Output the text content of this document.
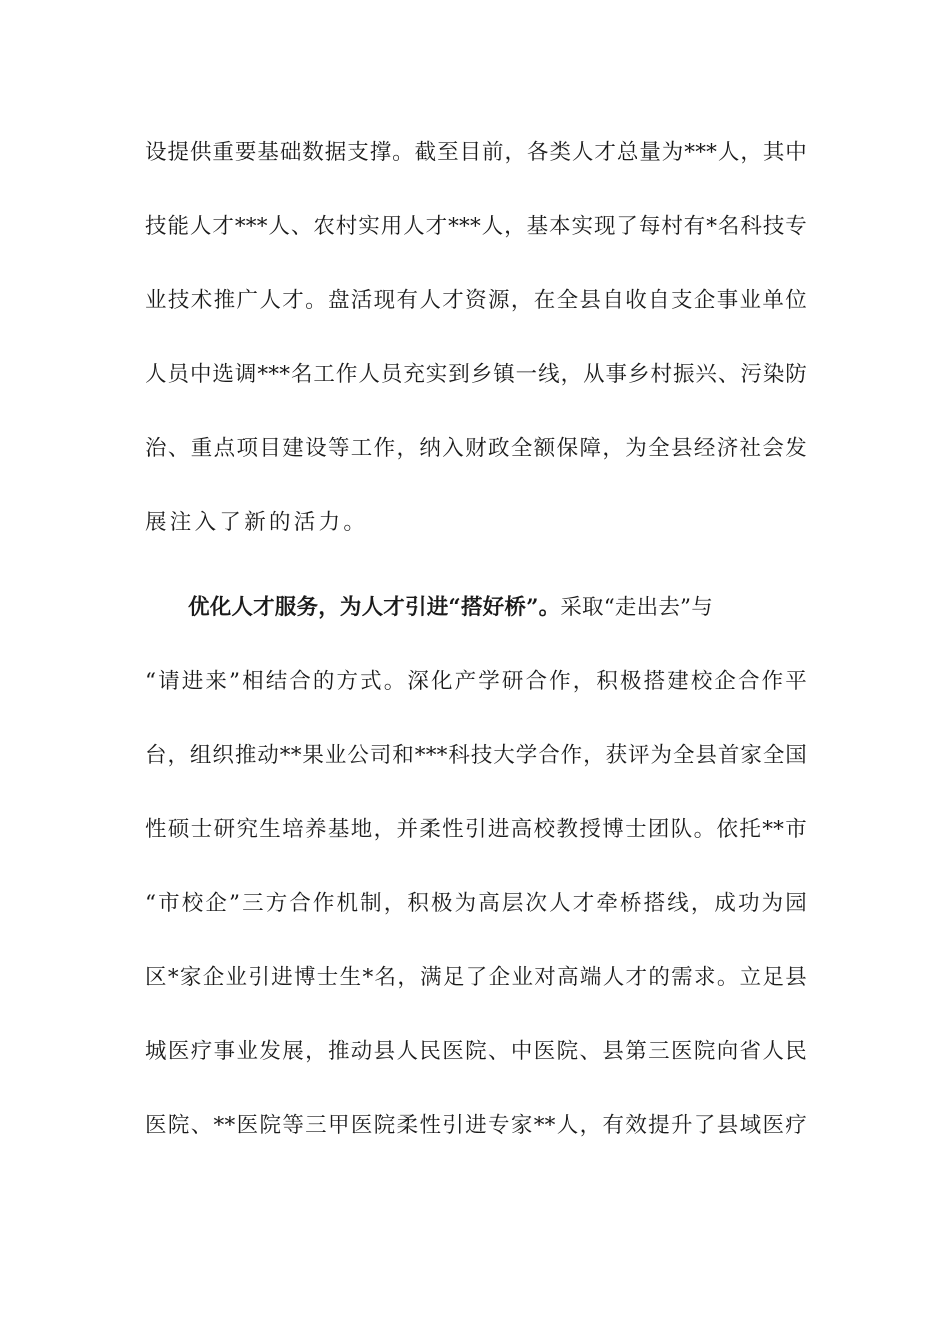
设提供重要基础数据支撑。截至目前，各类人才总量为***人，其中
技能人才***人、农村实用人才***人，基本实现了每村有*名科技专
业技术推广人才。盘活现有人才资源，在全县自收自支企事业单位
人员中选调***名工作人员充实到乡镇一线，从事乡村振兴、污染防
治、重点项目建设等工作，纳入财政全额保障，为全县经济社会发
展注入了新的活力。
优化人才服务，为人才引进“搭好桥”。采取“走出去”与
“请进来”相结合的方式。深化产学研合作，积极搭建校企合作平
台，组织推动**果业公司和***科技大学合作，获评为全县首家全国
性硕士研究生培养基地，并柔性引进高校教授博士团队。依托**市
“市校企”三方合作机制，积极为高层次人才牵桥搭线，成功为园
区*家企业引进博士生*名，满足了企业对高端人才的需求。立足县
城医疗事业发展，推动县人民医院、中医院、县第三医院向省人民
医院、**医院等三甲医院柔性引进专家**人，有效提升了县域医疗
